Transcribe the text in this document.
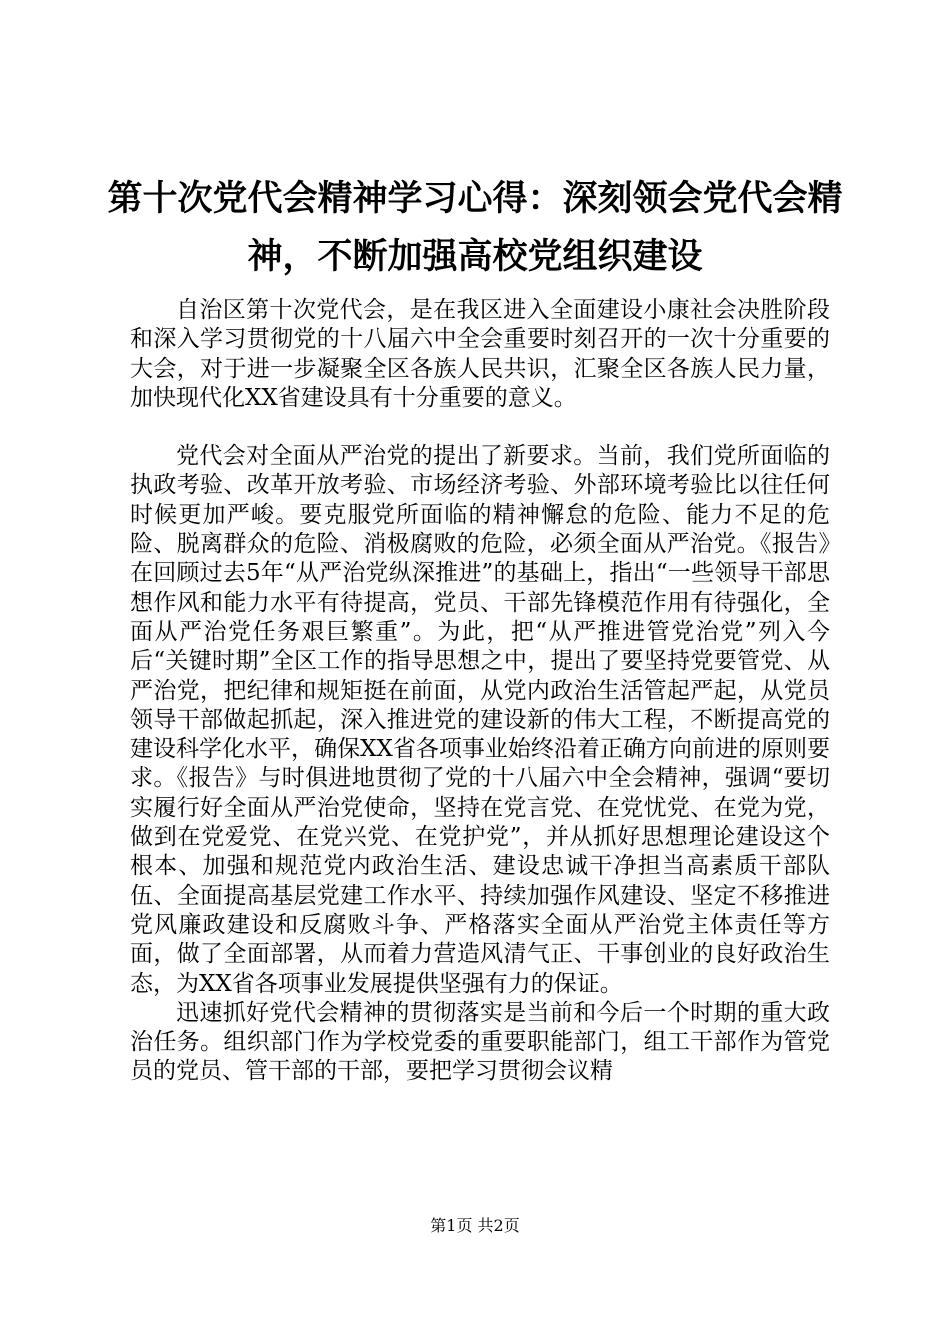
第十次党代会精神学习心得：深刻领会党代会精神，不断加强高校党组织建设

自治区第十次党代会，是在我区进入全面建设小康社会决胜阶段和深入学习贯彻党的十八届六中全会重要时刻召开的一次十分重要的大会，对于进一步凝聚全区各族人民共识，汇聚全区各族人民力量，加快现代化XX省建设具有十分重要的意义。

党代会对全面从严治党的提出了新要求。当前，我们党所面临的执政考验、改革开放考验、市场经济考验、外部环境考验比以往任何时候更加严峻。要克服党所面临的精神懈怠的危险、能力不足的危险、脱离群众的危险、消极腐败的危险，必须全面从严治党。《报告》在回顾过去5年“从严治党纵深推进”的基础上，指出“一些领导干部思想作风和能力水平有待提高，党员、干部先锋模范作用有待强化，全面从严治党任务艰巨繁重”。为此，把“从严推进管党治党”列入今后“关键时期”全区工作的指导思想之中，提出了要坚持党要管党、从严治党，把纪律和规矩挺在前面，从党内政治生活管起严起，从党员领导干部做起抓起，深入推进党的建设新的伟大工程，不断提高党的建设科学化水平，确保XX省各项事业始终沿着正确方向前进的原则要求。《报告》与时俱进地贯彻了党的十八届六中全会精神，强调“要切实履行好全面从严治党使命，坚持在党言党、在党忧党、在党为党，做到在党爱党、在党兴党、在党护党”，并从抓好思想理论建设这个根本、加强和规范党内政治生活、建设忠诚干净担当高素质干部队伍、全面提高基层党建工作水平、持续加强作风建设、坚定不移推进党风廉政建设和反腐败斗争、严格落实全面从严治党主体责任等方面，做了全面部署，从而着力营造风清气正、干事创业的良好政治生态，为XX省各项事业发展提供坚强有力的保证。

迅速抓好党代会精神的贯彻落实是当前和今后一个时期的重大政治任务。组织部门作为学校党委的重要职能部门，组工干部作为管党员的党员、管干部的干部，要把学习贯彻会议精

第1页 共2页
